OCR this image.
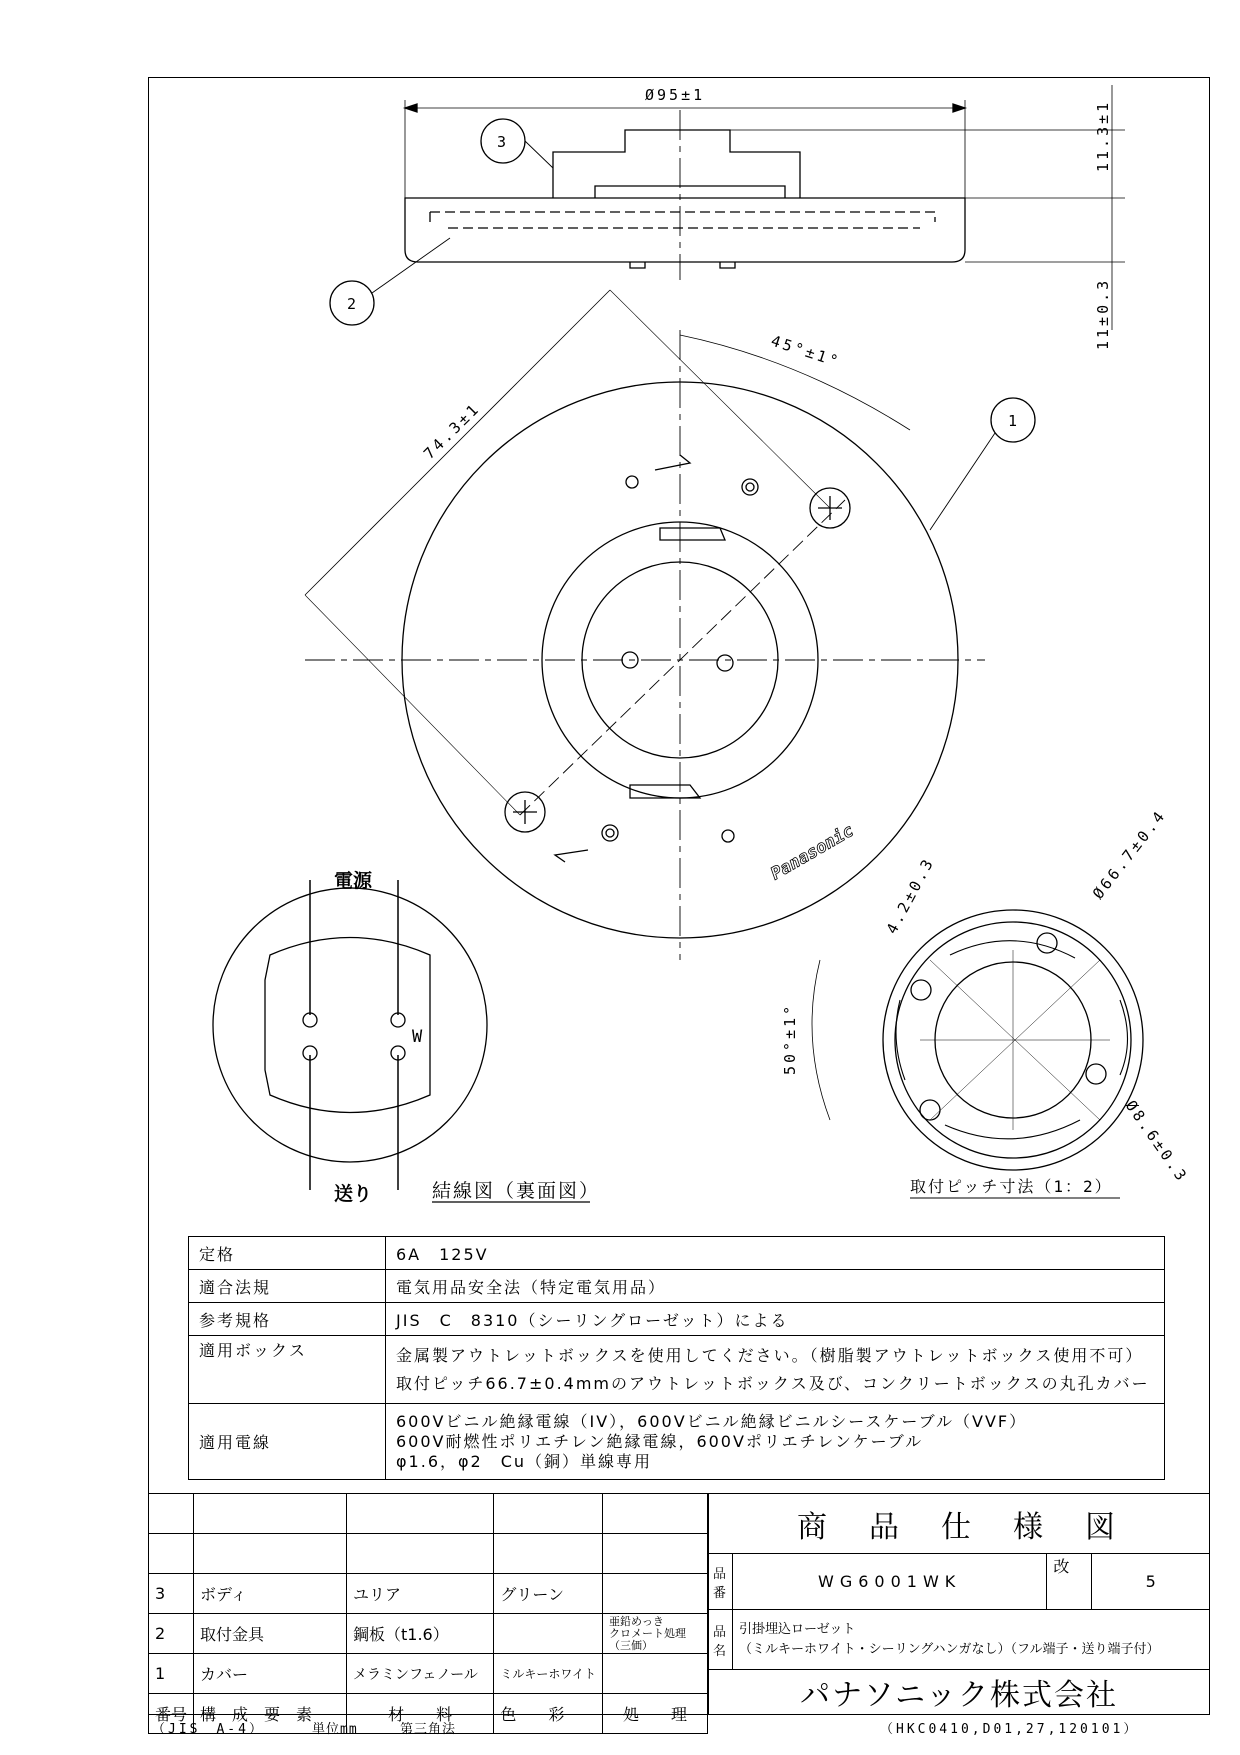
Ø95±1
11.3±1
11±0.3
45°±1°
74.3±1
Ø66.7±0.4
4.2±0.3
50°±1°
Ø8.6±0.3
3
2
1
Panasonic
電源
送り
W
結線図（裏面図）	取付ピッチ寸法（1：2）
定格	6A　125V
適合法規	電気用品安全法（特定電気用品）
参考規格	JIS　C　8310（シーリングローゼット）による
適用ボックス	金属製アウトレットボックスを使用してください。（樹脂製アウトレットボックス使用不可）
取付ピッチ66.7±0.4mmのアウトレットボックス及び、コンクリートボックスの丸孔カバー
適用電線	600Vビニル絶縁電線（IV），600Vビニル絶縁ビニルシースケーブル（VVF）
600V耐燃性ポリエチレン絶縁電線，600Vポリエチレンケーブル
φ1.6，φ2　Cu（銅）単線専用

3	ボディ	ユリア	グリーン	
2	取付金具	鋼板（t1.6）		亜鉛めっき
クロメート処理（三価）
1	カバー	メラミンフェノール	ミルキーホワイト	
番号	構　成　要　素	材　　料	色　　彩	処　　理
商　品　仕　様　図			
品番	WG6001WK	改	5
品名	引掛埋込ローゼット
（ミルキーホワイト・シーリングハンガなし）（フル端子・送り端子付）		

パナソニック株式会社			
（JIS　A-4）	単位mm	第三角法	（HKC0410,D01,27,120101）
